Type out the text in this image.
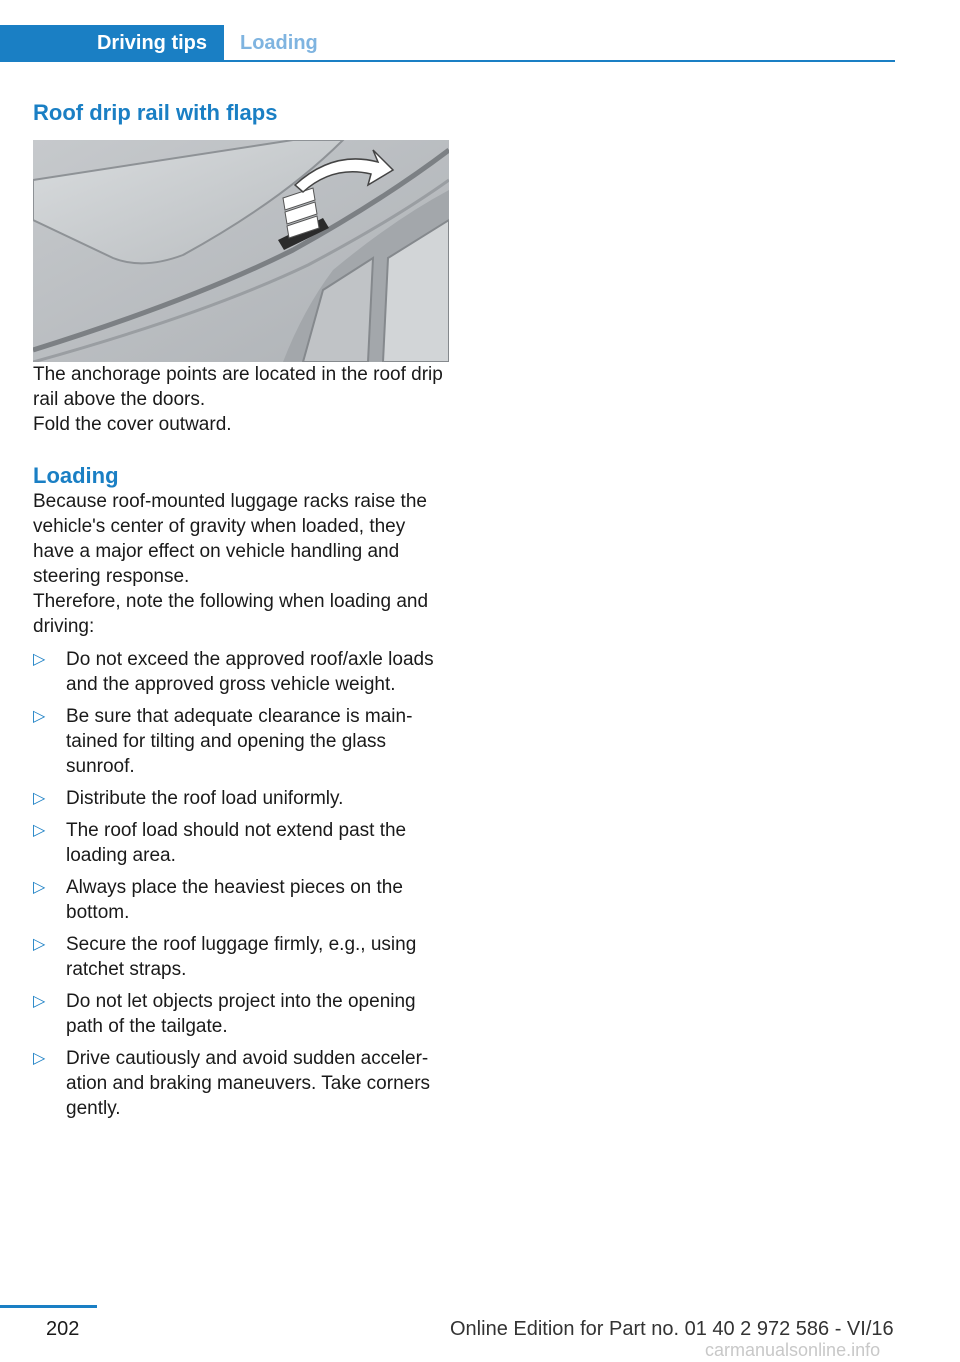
Driving tips	Loading
Roof drip rail with flaps

The anchorage points are located in the roof drip rail above the doors.

Fold the cover outward.

Loading

Because roof-mounted luggage racks raise the vehicle's center of gravity when loaded, they have a major effect on vehicle handling and steering response.

Therefore, note the following when loading and driving:

▷ Do not exceed the approved roof/axle loads and the approved gross vehicle weight.
▷ Be sure that adequate clearance is main‐tained for tilting and opening the glass sunroof.
▷ Distribute the roof load uniformly.
▷ The roof load should not extend past the loading area.
▷ Always place the heaviest pieces on the bottom.
▷ Secure the roof luggage firmly, e.g., using ratchet straps.
▷ Do not let objects project into the opening path of the tailgate.
▷ Drive cautiously and avoid sudden acceler‐ation and braking maneuvers. Take corners gently.
202	Online Edition for Part no. 01 40 2 972 586 - VI/16
carmanualsonline.info
